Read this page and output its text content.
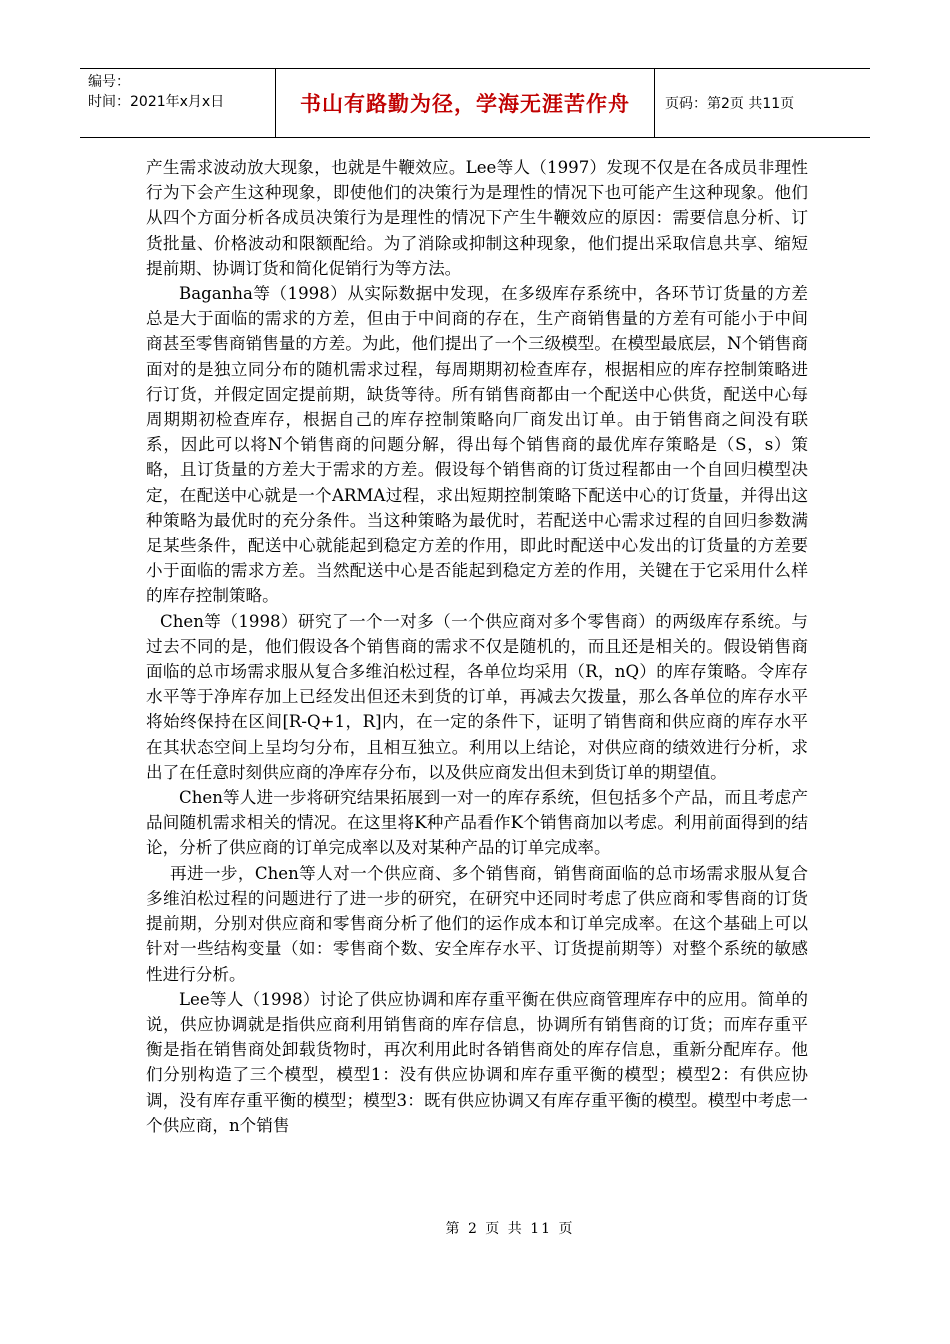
编号：
时间：2021年x月x日	书山有路勤为径，学海无涯苦作舟	页码：第2页 共11页

产生需求波动放大现象，也就是牛鞭效应。Lee等人（1997）发现不仅是在各成员非理性行为下会产生这种现象，即使他们的决策行为是理性的情况下也可能产生这种现象。他们从四个方面分析各成员决策行为是理性的情况下产生牛鞭效应的原因：需要信息分析、订货批量、价格波动和限额配给。为了消除或抑制这种现象，他们提出采取信息共享、缩短提前期、协调订货和简化促销行为等方法。

Baganha等（1998）从实际数据中发现，在多级库存系统中，各环节订货量的方差总是大于面临的需求的方差，但由于中间商的存在，生产商销售量的方差有可能小于中间商甚至零售商销售量的方差。为此，他们提出了一个三级模型。在模型最底层，N个销售商面对的是独立同分布的随机需求过程，每周期期初检查库存，根据相应的库存控制策略进行订货，并假定固定提前期，缺货等待。所有销售商都由一个配送中心供货，配送中心每周期期初检查库存，根据自己的库存控制策略向厂商发出订单。由于销售商之间没有联系，因此可以将N个销售商的问题分解，得出每个销售商的最优库存策略是（S，s）策略，且订货量的方差大于需求的方差。假设每个销售商的订货过程都由一个自回归模型决定，在配送中心就是一个ARMA过程，求出短期控制策略下配送中心的订货量，并得出这种策略为最优时的充分条件。当这种策略为最优时，若配送中心需求过程的自回归参数满足某些条件，配送中心就能起到稳定方差的作用，即此时配送中心发出的订货量的方差要小于面临的需求方差。当然配送中心是否能起到稳定方差的作用，关键在于它采用什么样的库存控制策略。

Chen等（1998）研究了一个一对多（一个供应商对多个零售商）的两级库存系统。与过去不同的是，他们假设各个销售商的需求不仅是随机的，而且还是相关的。假设销售商面临的总市场需求服从复合多维泊松过程，各单位均采用（R，nQ）的库存策略。令库存水平等于净库存加上已经发出但还未到货的订单，再减去欠拨量，那么各单位的库存水平将始终保持在区间[R-Q+1，R]内，在一定的条件下，证明了销售商和供应商的库存水平在其状态空间上呈均匀分布，且相互独立。利用以上结论，对供应商的绩效进行分析，求出了在任意时刻供应商的净库存分布，以及供应商发出但未到货订单的期望值。

Chen等人进一步将研究结果拓展到一对一的库存系统，但包括多个产品，而且考虑产品间随机需求相关的情况。在这里将K种产品看作K个销售商加以考虑。利用前面得到的结论，分析了供应商的订单完成率以及对某种产品的订单完成率。

再进一步，Chen等人对一个供应商、多个销售商，销售商面临的总市场需求服从复合多维泊松过程的问题进行了进一步的研究，在研究中还同时考虑了供应商和零售商的订货提前期，分别对供应商和零售商分析了他们的运作成本和订单完成率。在这个基础上可以针对一些结构变量（如：零售商个数、安全库存水平、订货提前期等）对整个系统的敏感性进行分析。

Lee等人（1998）讨论了供应协调和库存重平衡在供应商管理库存中的应用。简单的说，供应协调就是指供应商利用销售商的库存信息，协调所有销售商的订货；而库存重平衡是指在销售商处卸载货物时，再次利用此时各销售商处的库存信息，重新分配库存。他们分别构造了三个模型，模型1：没有供应协调和库存重平衡的模型；模型2：有供应协调，没有库存重平衡的模型；模型3：既有供应协调又有库存重平衡的模型。模型中考虑一个供应商，n个销售

第 2 页 共 11 页
